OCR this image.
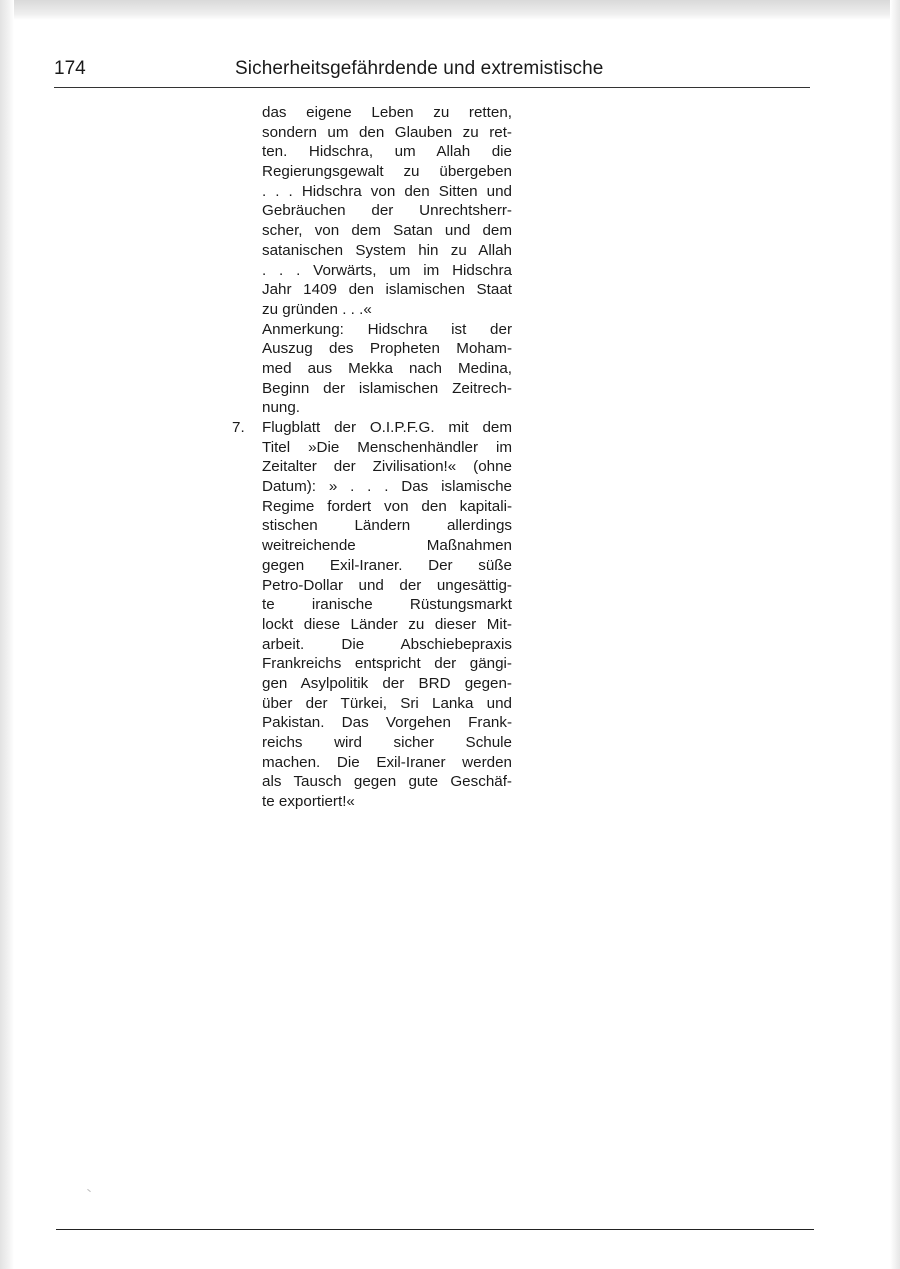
174	Sicherheitsgefährdende und extremistische
das eigene Leben zu retten,
sondern um den Glauben zu ret-
ten. Hidschra, um Allah die
Regierungsgewalt zu übergeben
. . . Hidschra von den Sitten und
Gebräuchen der Unrechtsherr-
scher, von dem Satan und dem
satanischen System hin zu Allah
. . . Vorwärts, um im Hidschra
Jahr 1409 den islamischen Staat
zu gründen . . .«
Anmerkung: Hidschra ist der
Auszug des Propheten Moham-
med aus Mekka nach Medina,
Beginn der islamischen Zeitrech-
nung.
7. Flugblatt der O.I.P.F.G. mit dem
Titel »Die Menschenhändler im
Zeitalter der Zivilisation!« (ohne
Datum): » . . . Das islamische
Regime fordert von den kapitali-
stischen Ländern allerdings
weitreichende Maßnahmen
gegen Exil-Iraner. Der süße
Petro-Dollar und der ungesättig-
te iranische Rüstungsmarkt
lockt diese Länder zu dieser Mit-
arbeit. Die Abschiebepraxis
Frankreichs entspricht der gängi-
gen Asylpolitik der BRD gegen-
über der Türkei, Sri Lanka und
Pakistan. Das Vorgehen Frank-
reichs wird sicher Schule
machen. Die Exil-Iraner werden
als Tausch gegen gute Geschäf-
te exportiert!«
